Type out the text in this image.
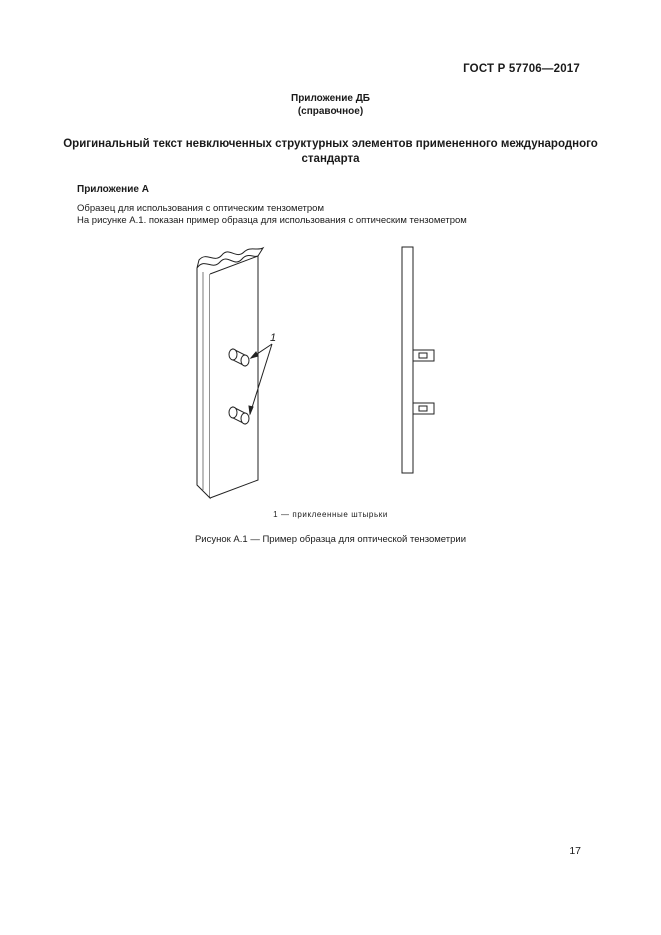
ГОСТ Р 57706—2017
Приложение ДБ
(справочное)
Оригинальный текст невключенных структурных элементов примененного международного стандарта
Приложение А
Образец для использования с оптическим тензометром
На рисунке А.1. показан пример образца для использования с оптическим тензометром
1
1 — приклеенные штырьки
Рисунок А.1 — Пример образца для оптической тензометрии
17
